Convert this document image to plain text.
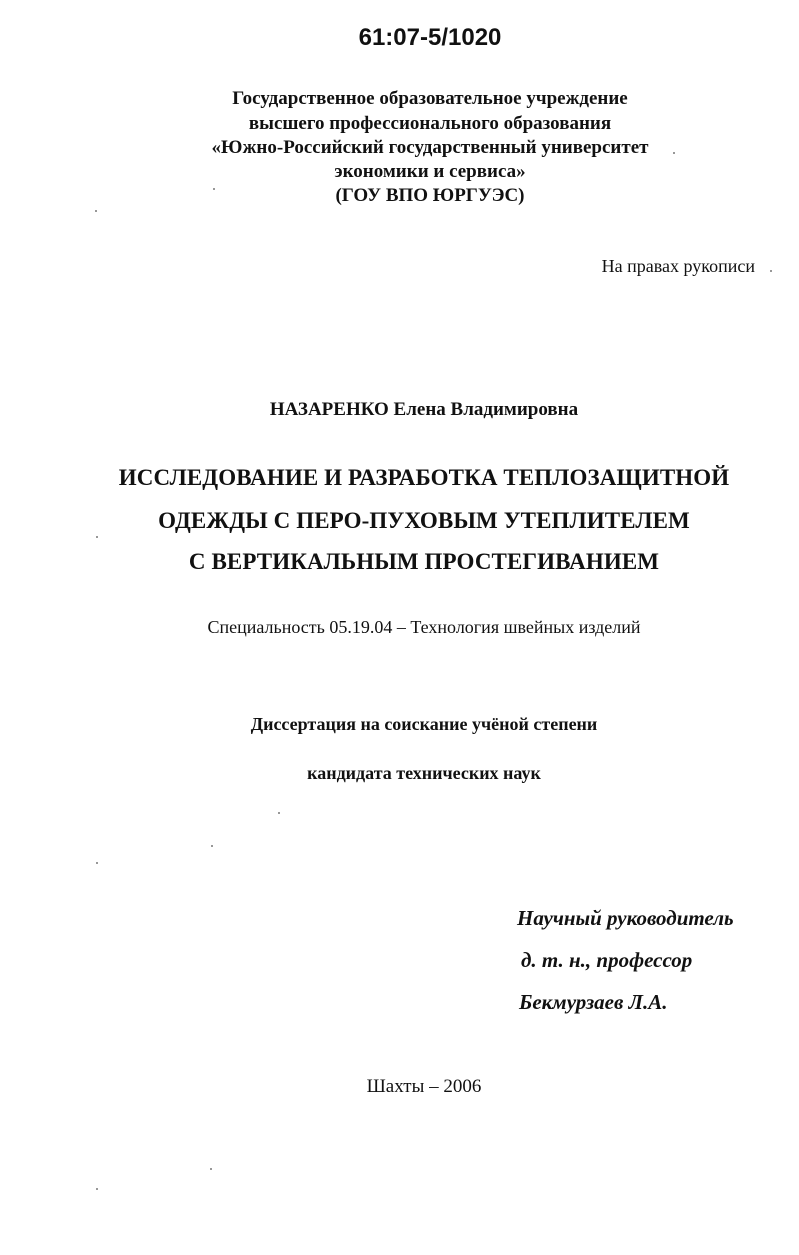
61:07-5/1020
Государственное образовательное учреждение
высшего профессионального образования
«Южно-Российский государственный университет
экономики и сервиса»
(ГОУ ВПО ЮРГУЭС)
На правах рукописи
НАЗАРЕНКО Елена Владимировна
ИССЛЕДОВАНИЕ И РАЗРАБОТКА ТЕПЛОЗАЩИТНОЙ
ОДЕЖДЫ С ПЕРО-ПУХОВЫМ УТЕПЛИТЕЛЕМ
С ВЕРТИКАЛЬНЫМ ПРОСТЕГИВАНИЕМ
Специальность 05.19.04 – Технология швейных изделий
Диссертация на соискание учёной степени
кандидата технических наук
Научный руководитель
д. т. н., профессор
Бекмурзаев Л.А.
Шахты – 2006
